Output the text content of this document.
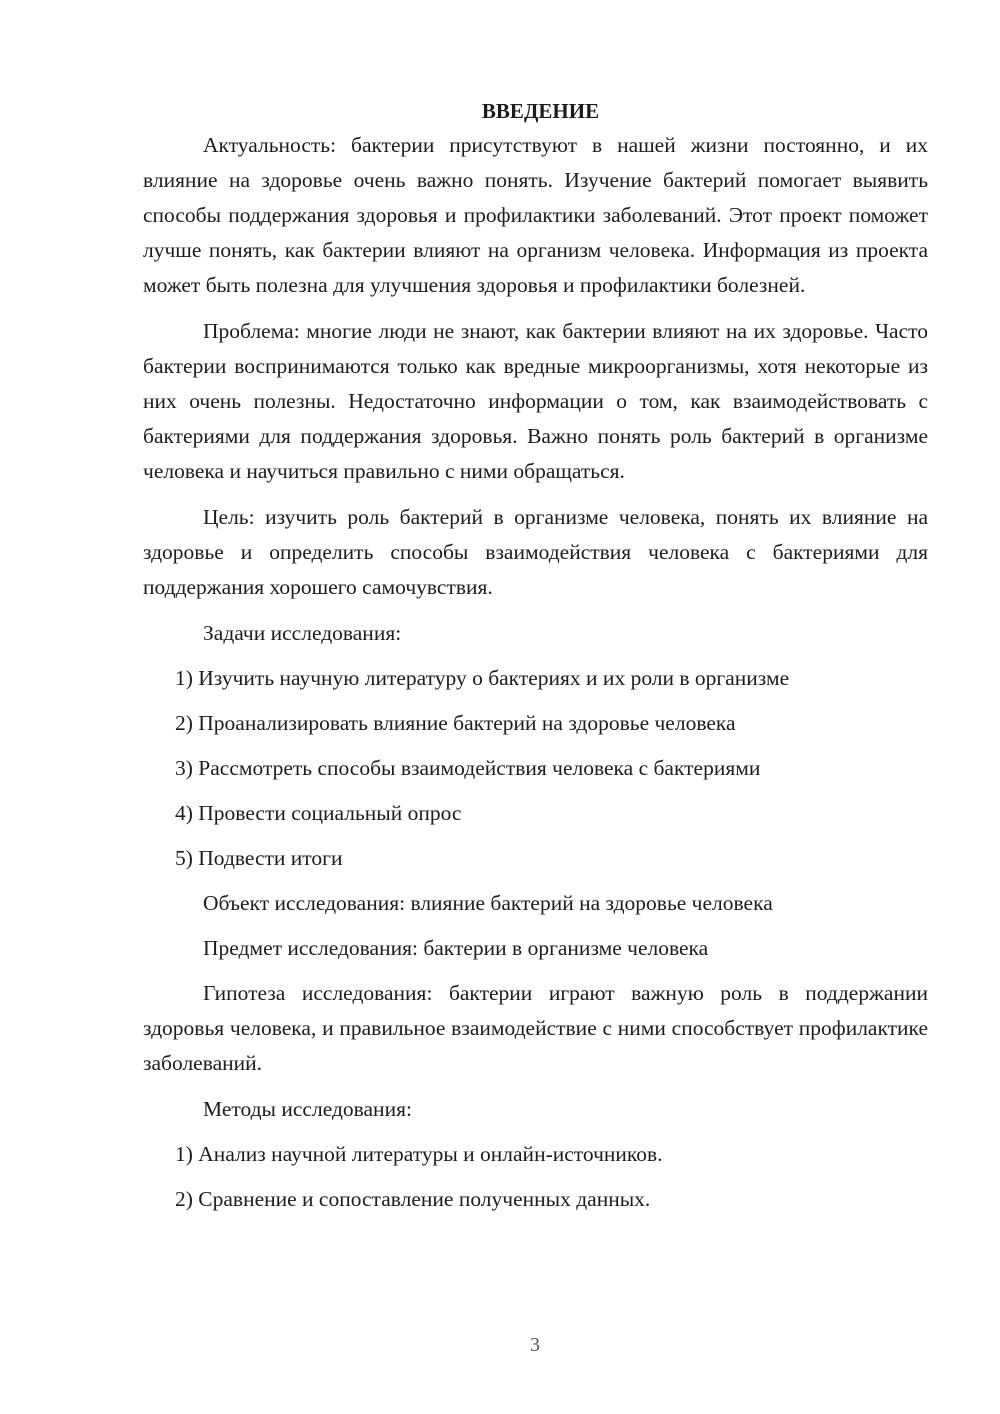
ВВЕДЕНИЕ

Актуальность: бактерии присутствуют в нашей жизни постоянно, и их влияние на здоровье очень важно понять. Изучение бактерий помогает выявить способы поддержания здоровья и профилактики заболеваний. Этот проект поможет лучше понять, как бактерии влияют на организм человека. Информация из проекта может быть полезна для улучшения здоровья и профилактики болезней.

Проблема: многие люди не знают, как бактерии влияют на их здоровье. Часто бактерии воспринимаются только как вредные микроорганизмы, хотя некоторые из них очень полезны. Недостаточно информации о том, как взаимодействовать с бактериями для поддержания здоровья. Важно понять роль бактерий в организме человека и научиться правильно с ними обращаться.

Цель: изучить роль бактерий в организме человека, понять их влияние на здоровье и определить способы взаимодействия человека с бактериями для поддержания хорошего самочувствия.

Задачи исследования:
1) Изучить научную литературу о бактериях и их роли в организме
2) Проанализировать влияние бактерий на здоровье человека
3) Рассмотреть способы взаимодействия человека с бактериями
4) Провести социальный опрос
5) Подвести итоги
Объект исследования: влияние бактерий на здоровье человека
Предмет исследования: бактерии в организме человека

Гипотеза исследования: бактерии играют важную роль в поддержании здоровья человека, и правильное взаимодействие с ними способствует профилактике заболеваний.

Методы исследования:
1) Анализ научной литературы и онлайн-источников.
2) Сравнение и сопоставление полученных данных.
3
